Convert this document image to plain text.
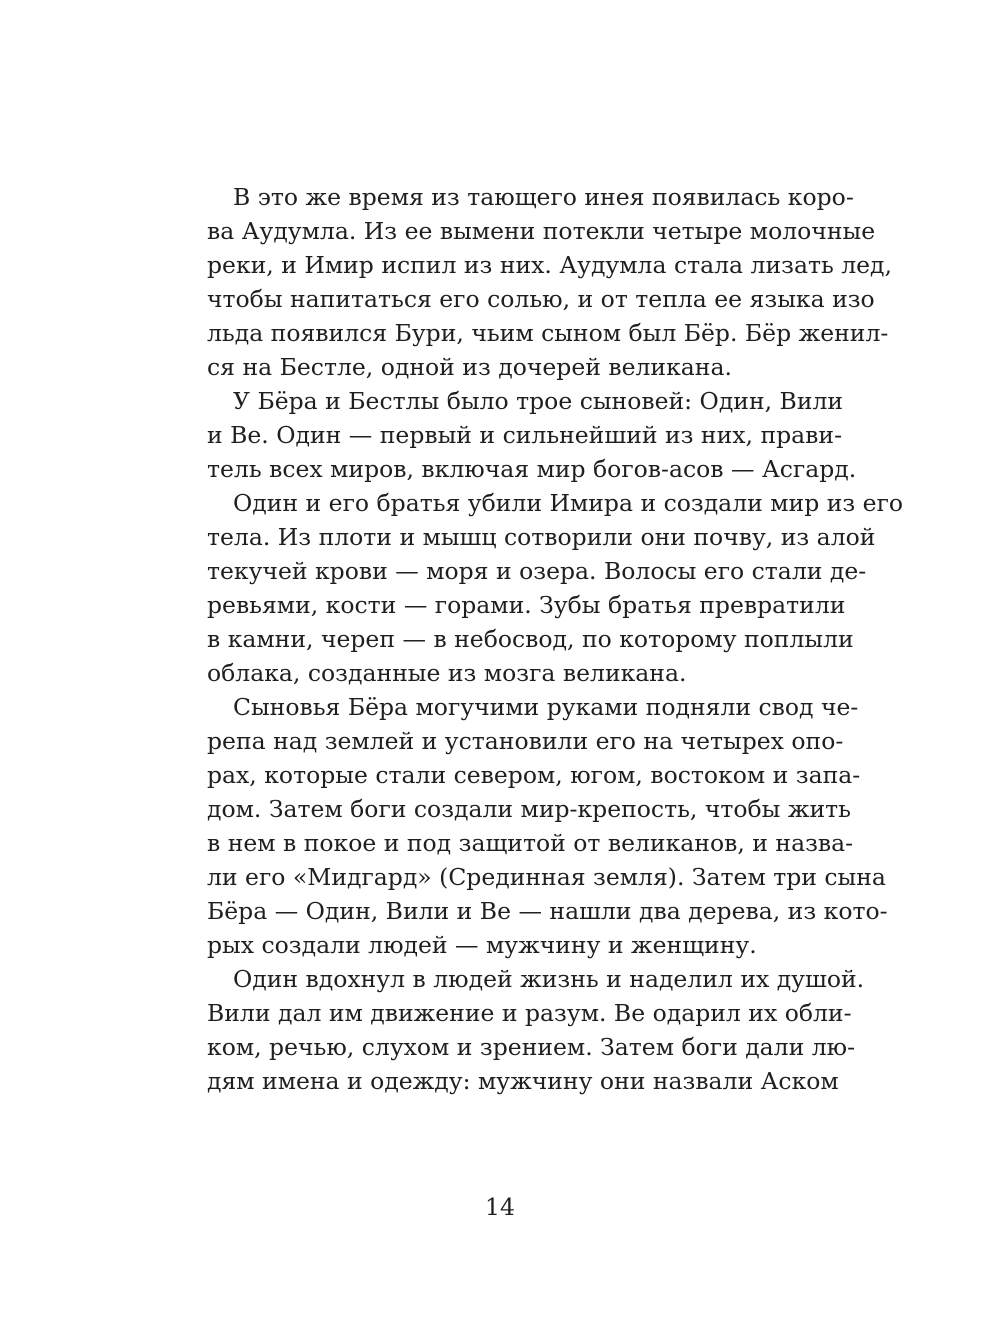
В это же время из тающего инея появилась коро-
ва Аудумла. Из ее вымени потекли четыре молочные
реки, и Имир испил из них. Аудумла стала лизать лед,
чтобы напитаться его солью, и от тепла ее языка изо
льда появился Бури, чьим сыном был Бёр. Бёр женил-
ся на Бестле, одной из дочерей великана.

У Бёра и Бестлы было трое сыновей: Один, Вили
и Ве. Один — первый и сильнейший из них, прави-
тель всех миров, включая мир богов-асов — Асгард.

Один и его братья убили Имира и создали мир из его
тела. Из плоти и мышц сотворили они почву, из алой
текучей крови — моря и озера. Волосы его стали де-
ревьями, кости — горами. Зубы братья превратили
в камни, череп — в небосвод, по которому поплыли
облака, созданные из мозга великана.

Сыновья Бёра могучими руками подняли свод че-
репа над землей и установили его на четырех опо-
рах, которые стали севером, югом, востоком и запа-
дом. Затем боги создали мир-крепость, чтобы жить
в нем в покое и под защитой от великанов, и назва-
ли его «Мидгард» (Срединная земля). Затем три сына
Бёра — Один, Вили и Ве — нашли два дерева, из кото-
рых создали людей — мужчину и женщину.

Один вдохнул в людей жизнь и наделил их душой.
Вили дал им движение и разум. Ве одарил их обли-
ком, речью, слухом и зрением. Затем боги дали лю-
дям имена и одежду: мужчину они назвали Аском

14
